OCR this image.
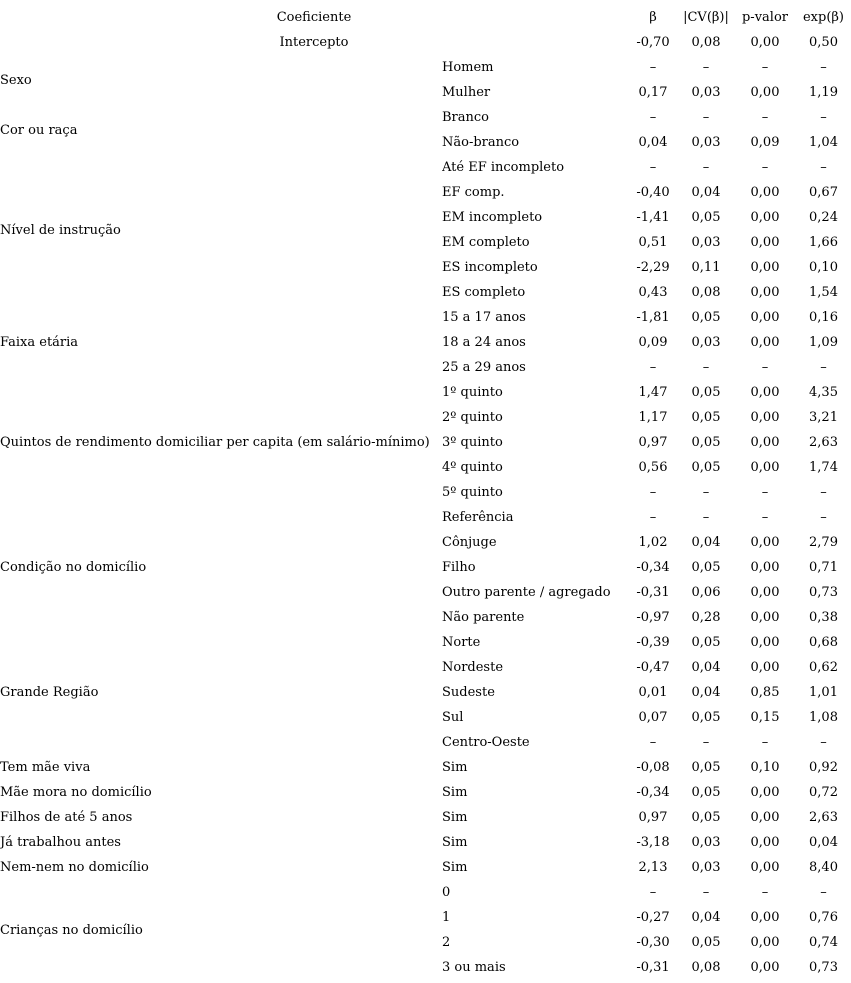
Coeficiente		β	|CV(β)|	p-valor	exp(β)
Intercepto		-0,70	0,08	0,00	0,50
Sexo	Homem	–	–	–	–
	Mulher	0,17	0,03	0,00	1,19
Cor ou raça	Branco	–	–	–	–
	Não-branco	0,04	0,03	0,09	1,04
Nível de instrução	Até EF incompleto	–	–	–	–
	EF comp.	-0,40	0,04	0,00	0,67
	EM incompleto	-1,41	0,05	0,00	0,24
	EM completo	0,51	0,03	0,00	1,66
	ES incompleto	-2,29	0,11	0,00	0,10
	ES completo	0,43	0,08	0,00	1,54
Faixa etária	15 a 17 anos	-1,81	0,05	0,00	0,16
	18 a 24 anos	0,09	0,03	0,00	1,09
	25 a 29 anos	–	–	–	–
Quintos de rendimento domiciliar per capita (em salário-mínimo)	1º quinto	1,47	0,05	0,00	4,35
	2º quinto	1,17	0,05	0,00	3,21
	3º quinto	0,97	0,05	0,00	2,63
	4º quinto	0,56	0,05	0,00	1,74
	5º quinto	–	–	–	–
Condição no domicílio	Referência	–	–	–	–
	Cônjuge	1,02	0,04	0,00	2,79
	Filho	-0,34	0,05	0,00	0,71
	Outro parente / agregado	-0,31	0,06	0,00	0,73
	Não parente	-0,97	0,28	0,00	0,38
Grande Região	Norte	-0,39	0,05	0,00	0,68
	Nordeste	-0,47	0,04	0,00	0,62
	Sudeste	0,01	0,04	0,85	1,01
	Sul	0,07	0,05	0,15	1,08
	Centro-Oeste	–	–	–	–
Tem mãe viva	Sim	-0,08	0,05	0,10	0,92
Mãe mora no domicílio	Sim	-0,34	0,05	0,00	0,72
Filhos de até 5 anos	Sim	0,97	0,05	0,00	2,63
Já trabalhou antes	Sim	-3,18	0,03	0,00	0,04
Nem-nem no domicílio	Sim	2,13	0,03	0,00	8,40
Crianças no domicílio	0	–	–	–	–
	1	-0,27	0,04	0,00	0,76
	2	-0,30	0,05	0,00	0,74
	3 ou mais	-0,31	0,08	0,00	0,73
